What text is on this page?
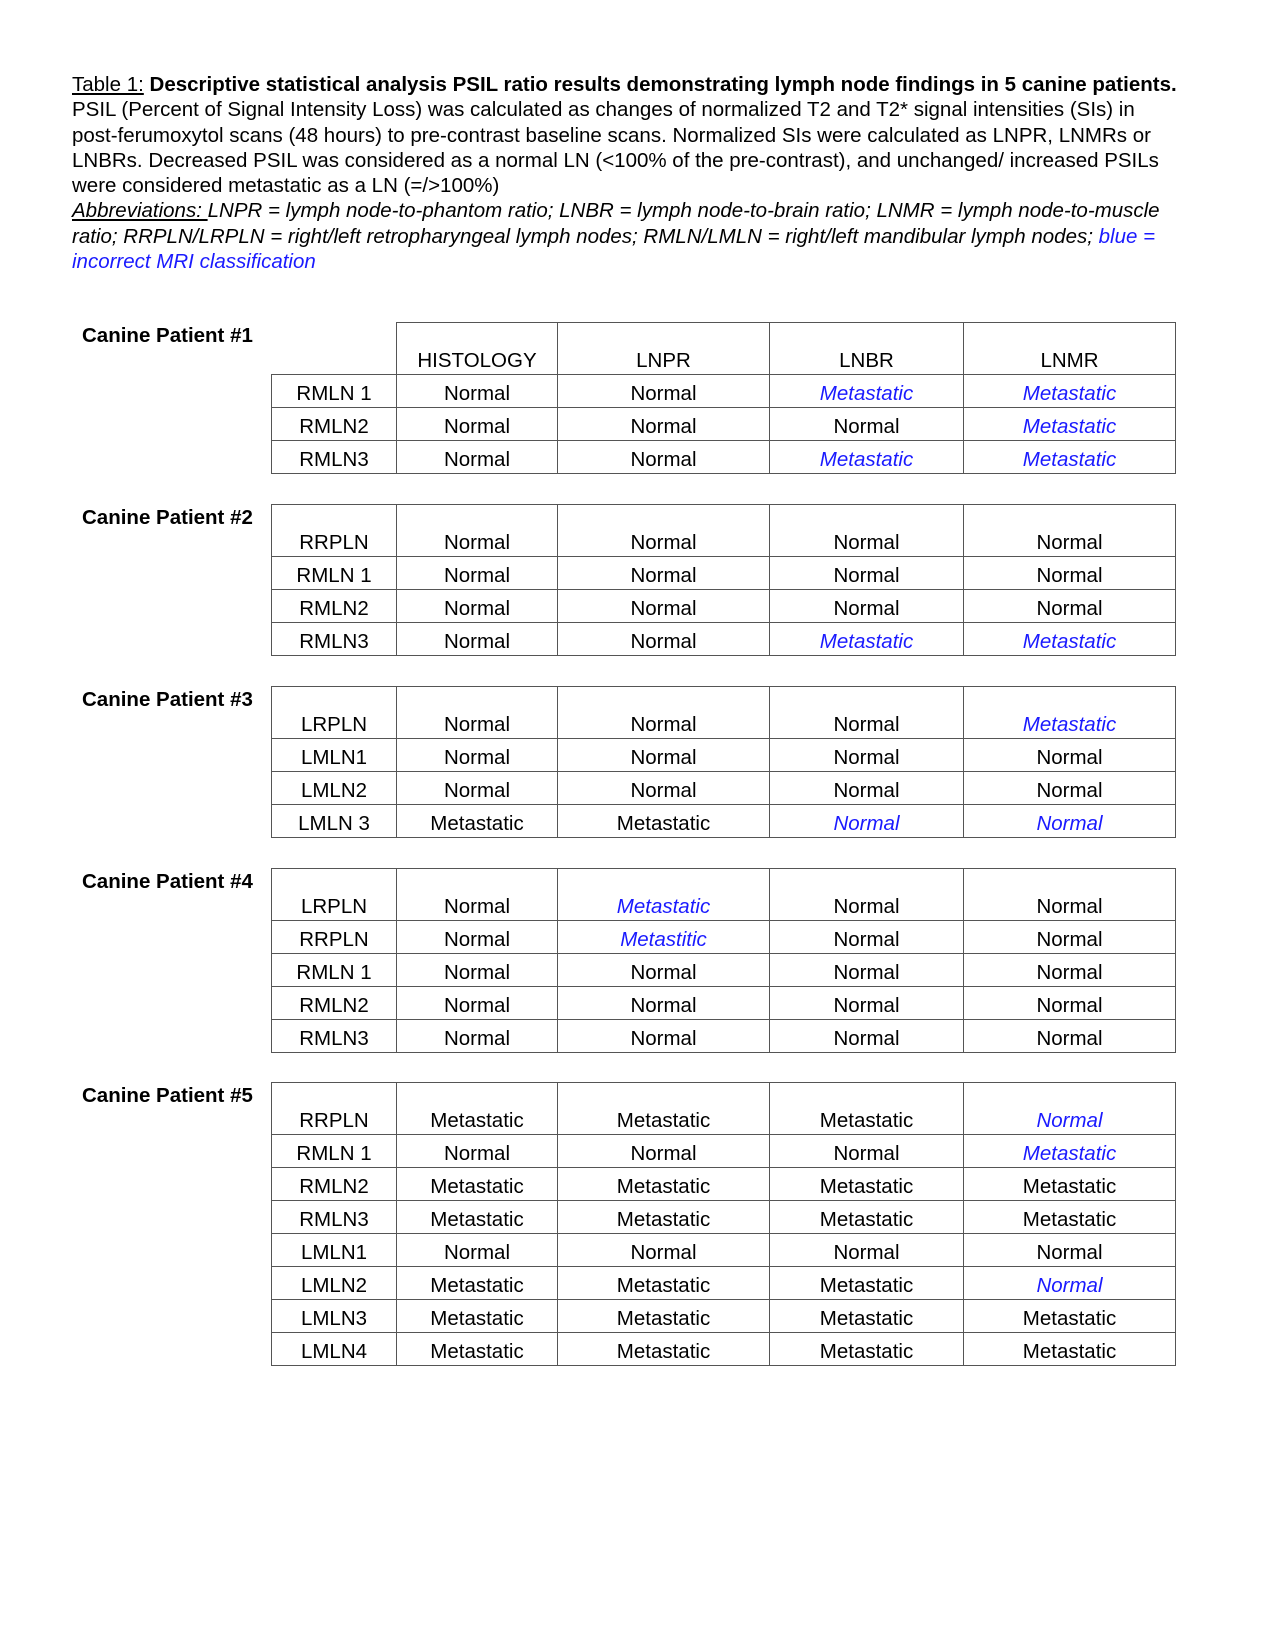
Table 1: Descriptive statistical analysis PSIL ratio results demonstrating lymph node findings in 5 canine patients. PSIL (Percent of Signal Intensity Loss) was calculated as changes of normalized T2 and T2* signal intensities (SIs) in post-ferumoxytol scans (48 hours) to pre-contrast baseline scans. Normalized SIs were calculated as LNPR, LNMRs or LNBRs. Decreased PSIL was considered as a normal LN (<100% of the pre-contrast), and unchanged/ increased PSILs were considered metastatic as a LN (=/>100%)
Abbreviations: LNPR = lymph node-to-phantom ratio; LNBR = lymph node-to-brain ratio; LNMR = lymph node-to-muscle ratio; RRPLN/LRPLN = right/left retropharyngeal lymph nodes; RMLN/LMLN = right/left mandibular lymph nodes; blue = incorrect MRI classification
Canine Patient #1
	HISTOLOGY	LNPR	LNBR	LNMR
RMLN 1	Normal	Normal	Metastatic	Metastatic
RMLN2	Normal	Normal	Normal	Metastatic
RMLN3	Normal	Normal	Metastatic	Metastatic
Canine Patient #2
RRPLN	Normal	Normal	Normal	Normal
RMLN 1	Normal	Normal	Normal	Normal
RMLN2	Normal	Normal	Normal	Normal
RMLN3	Normal	Normal	Metastatic	Metastatic
Canine Patient #3
LRPLN	Normal	Normal	Normal	Metastatic
LMLN1	Normal	Normal	Normal	Normal
LMLN2	Normal	Normal	Normal	Normal
LMLN 3	Metastatic	Metastatic	Normal	Normal
Canine Patient #4
LRPLN	Normal	Metastatic	Normal	Normal
RRPLN	Normal	Metastitic	Normal	Normal
RMLN 1	Normal	Normal	Normal	Normal
RMLN2	Normal	Normal	Normal	Normal
RMLN3	Normal	Normal	Normal	Normal
Canine Patient #5
RRPLN	Metastatic	Metastatic	Metastatic	Normal
RMLN 1	Normal	Normal	Normal	Metastatic
RMLN2	Metastatic	Metastatic	Metastatic	Metastatic
RMLN3	Metastatic	Metastatic	Metastatic	Metastatic
LMLN1	Normal	Normal	Normal	Normal
LMLN2	Metastatic	Metastatic	Metastatic	Normal
LMLN3	Metastatic	Metastatic	Metastatic	Metastatic
LMLN4	Metastatic	Metastatic	Metastatic	Metastatic
